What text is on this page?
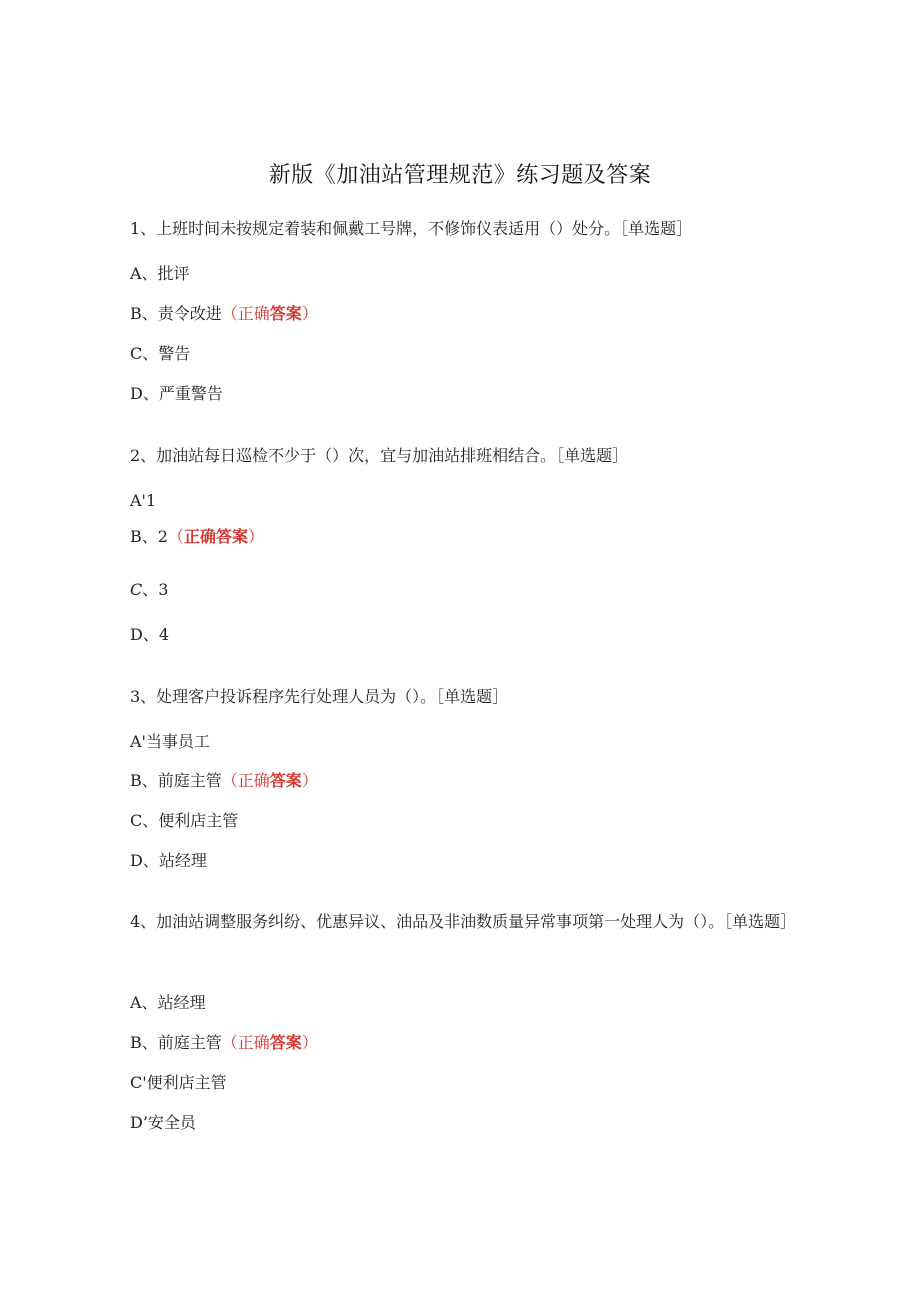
新版《加油站管理规范》练习题及答案
1、上班时间未按规定着装和佩戴工号牌，不修饰仪表适用（）处分。［单选题］
A、批评
B、责令改进（正确答案）
C、警告
D、严重警告
2、加油站每日巡检不少于（）次，宜与加油站排班相结合。［单选题］
A'1
B、2（正确答案）
C、3
D、4
3、处理客户投诉程序先行处理人员为（）。［单选题］
A'当事员工
B、前庭主管（正确答案）
C、便利店主管
D、站经理
4、加油站调整服务纠纷、优惠异议、油品及非油数质量异常事项第一处理人为（）。［单选题］
A、站经理
B、前庭主管（正确答案）
C'便利店主管
D’安全员
